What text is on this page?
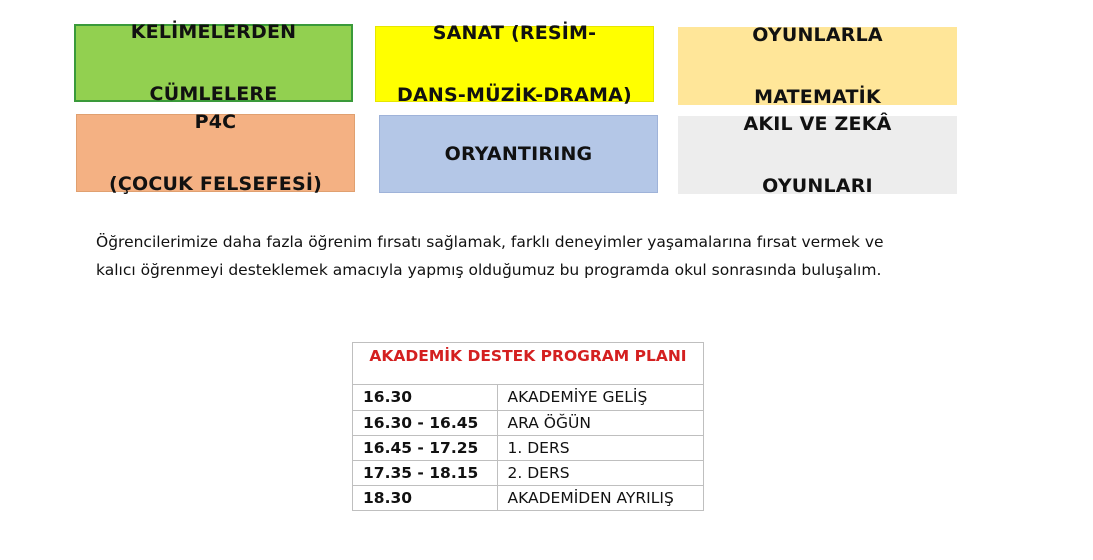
KELİMELERDEN

CÜMLELERE

SANAT (RESİM-

DANS-MÜZİK-DRAMA)

OYUNLARLA

MATEMATİK

P4C

(ÇOCUK FELSEFESİ)

ORYANTIRING

AKIL VE ZEKÂ

OYUNLARI

Öğrencilerimize daha fazla öğrenim fırsatı sağlamak, farklı deneyimler yaşamalarına fırsat vermek ve
kalıcı öğrenmeyi desteklemek amacıyla yapmış olduğumuz bu programda okul sonrasında buluşalım.
AKADEMİK DESTEK PROGRAM PLANI
16.30	AKADEMİYE GELİŞ
16.30 - 16.45	ARA ÖĞÜN
16.45 - 17.25	1. DERS
17.35 - 18.15	2. DERS
18.30	AKADEMİDEN AYRILIŞ
